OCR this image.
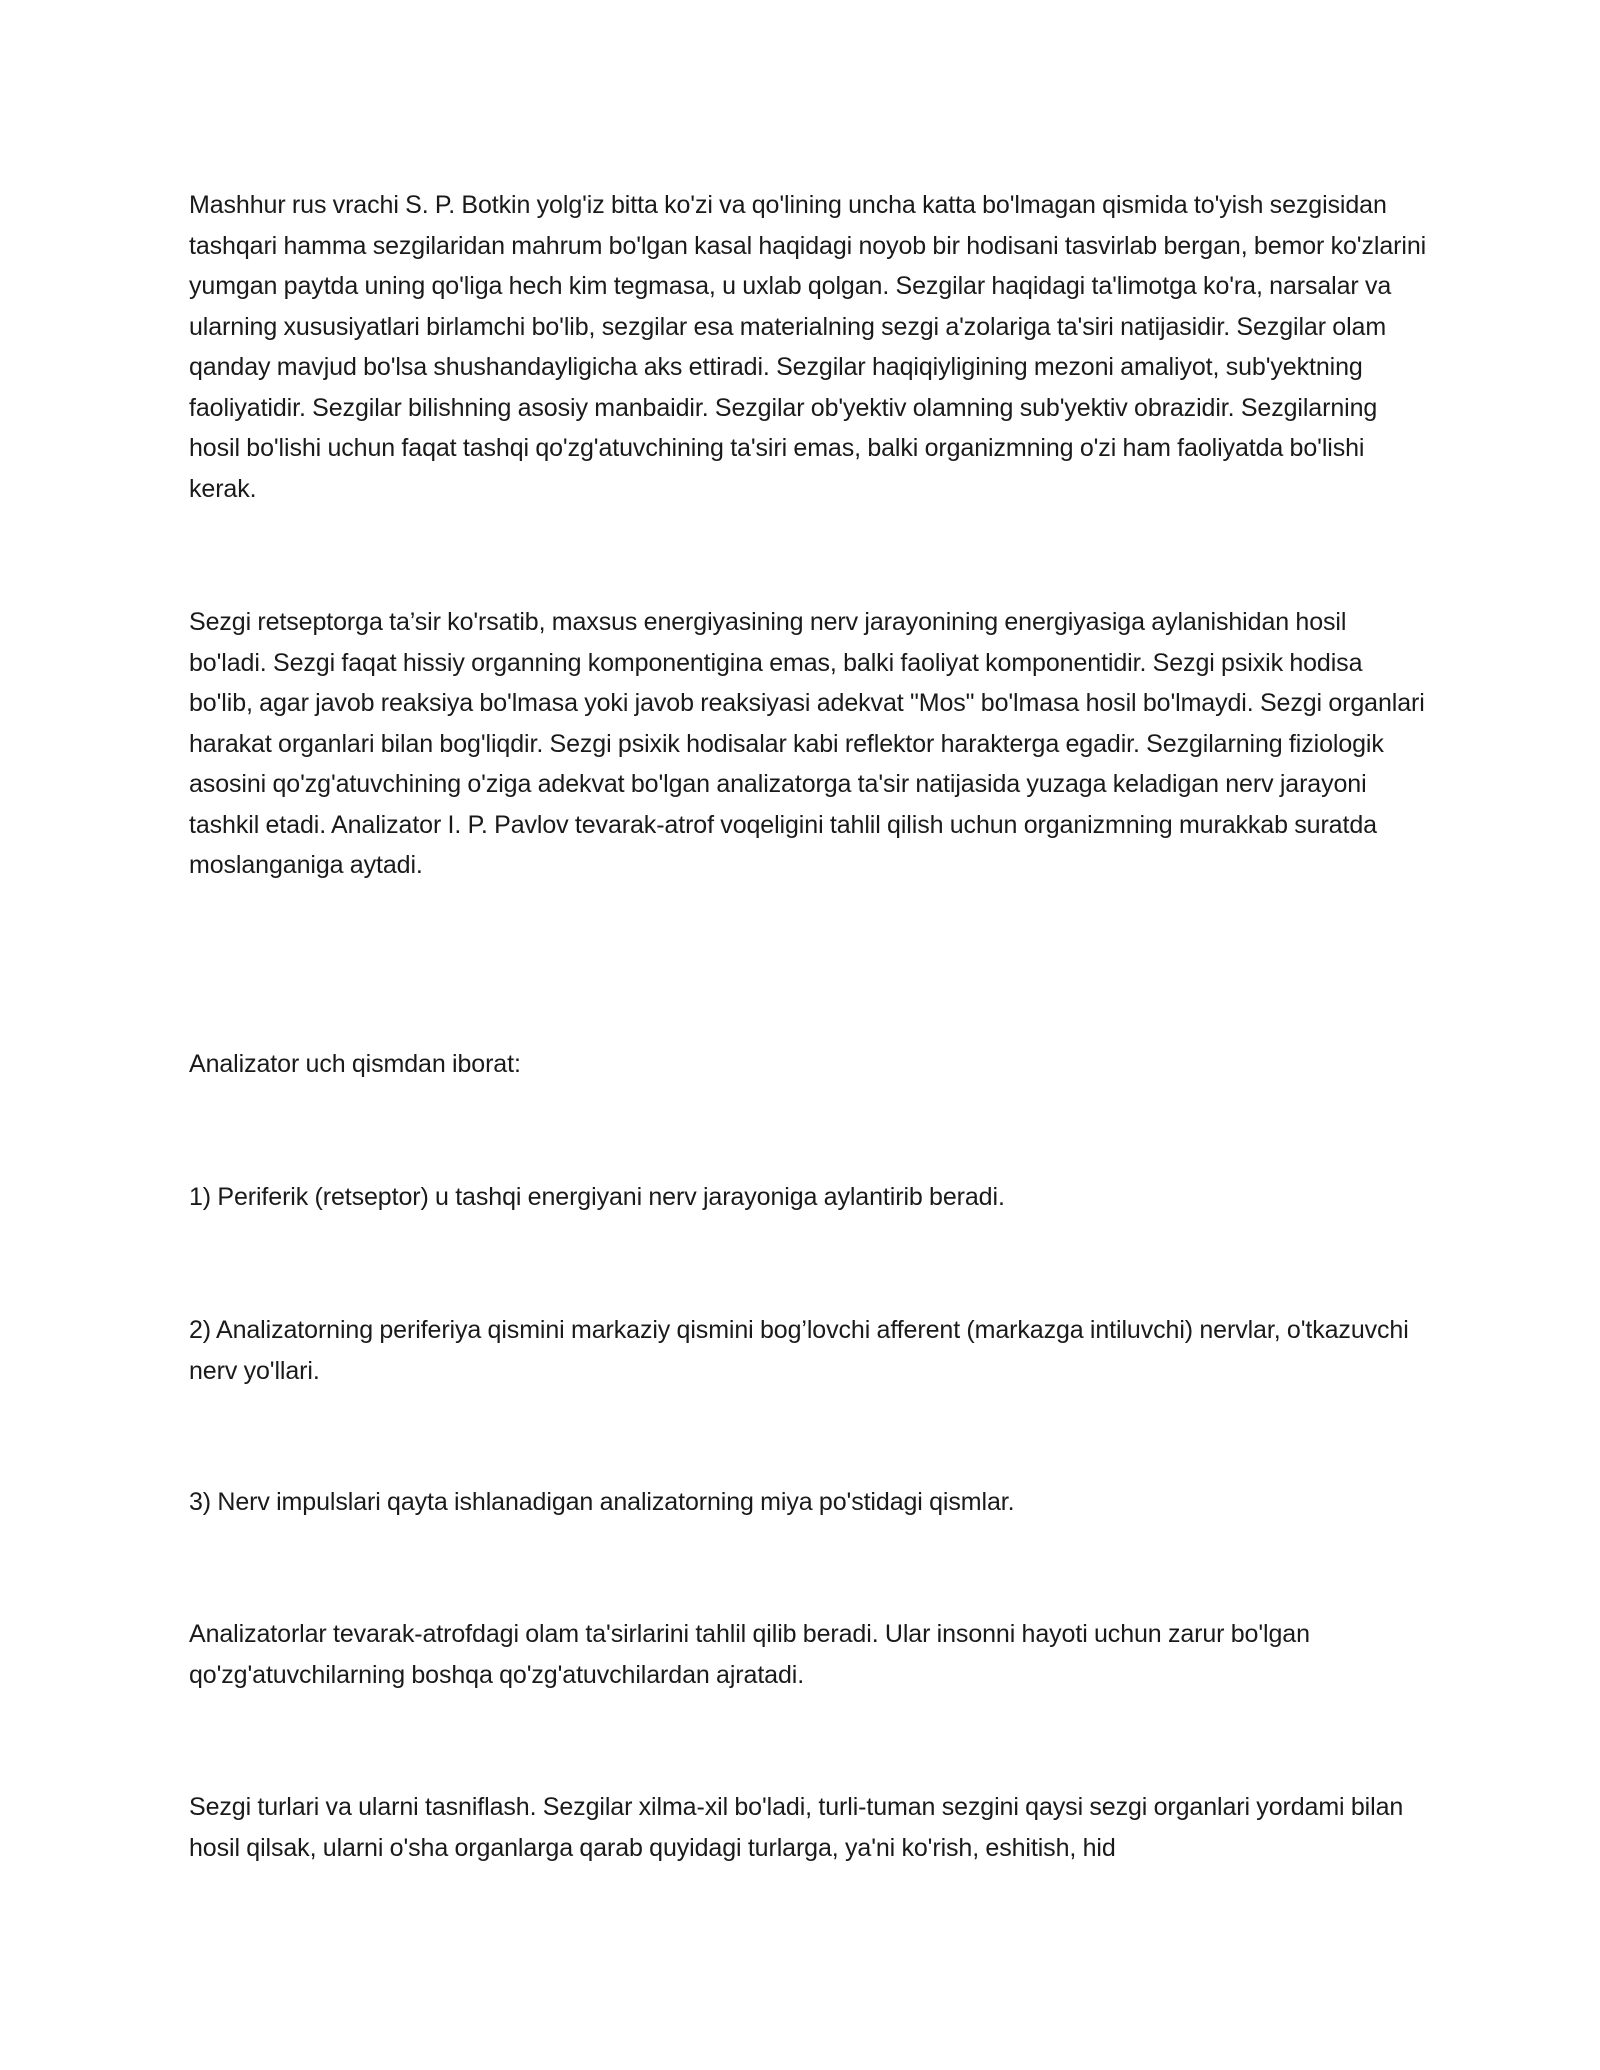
Mashhur rus vrachi S. P. Botkin yolg'iz bitta ko'zi va qo'lining uncha katta bo'lmagan qismida to'yish sezgisidan tashqari hamma sezgilaridan mahrum bo'lgan kasal haqidagi noyob bir hodisani tasvirlab bergan, bemor ko'zlarini yumgan paytda uning qo'liga hech kim tegmasa, u uxlab qolgan. Sezgilar haqidagi ta'limotga ko'ra, narsalar va ularning xususiyatlari birlamchi bo'lib, sezgilar esa materialning sezgi a'zolariga ta'siri natijasidir. Sezgilar olam qanday mavjud bo'lsa shushandayligicha aks ettiradi. Sezgilar haqiqiyligining mezoni amaliyot, sub'yektning faoliyatidir. Sezgilar bilishning asosiy manbaidir. Sezgilar ob'yektiv olamning sub'yektiv obrazidir. Sezgilarning hosil bo'lishi uchun faqat tashqi qo'zg'atuvchining ta'siri emas, balki organizmning o'zi ham faoliyatda bo'lishi kerak.

Sezgi retseptorga ta’sir ko'rsatib, maxsus energiyasining nerv jarayonining energiyasiga aylanishidan hosil bo'ladi. Sezgi faqat hissiy organning komponentigina emas, balki faoliyat komponentidir. Sezgi psixik hodisa bo'lib, agar javob reaksiya bo'lmasa yoki javob reaksiyasi adekvat "Mos" bo'lmasa hosil bo'lmaydi. Sezgi organlari harakat organlari bilan bog'liqdir. Sezgi psixik hodisalar kabi reflektor harakterga egadir. Sezgilarning fiziologik asosini qo'zg'atuvchining o'ziga adekvat bo'lgan analizatorga ta'sir natijasida yuzaga keladigan nerv jarayoni tashkil etadi. Analizator I. P. Pavlov tevarak-atrof voqeligini tahlil qilish uchun organizmning murakkab suratda moslanganiga aytadi.

Analizator uch qismdan iborat:

1) Periferik (retseptor) u tashqi energiyani nerv jarayoniga aylantirib beradi.

2) Analizatorning periferiya qismini markaziy qismini bog’lovchi afferent (markazga intiluvchi) nervlar, o'tkazuvchi nerv yo'llari.

3) Nerv impulslari qayta ishlanadigan analizatorning miya po'stidagi qismlar.

Analizatorlar tevarak-atrofdagi olam ta'sirlarini tahlil qilib beradi. Ular insonni hayoti uchun zarur bo'lgan qo'zg'atuvchilarning boshqa qo'zg'atuvchilardan ajratadi.

Sezgi turlari va ularni tasniflash. Sezgilar xilma-xil bo'ladi, turli-tuman sezgini qaysi sezgi organlari yordami bilan hosil qilsak, ularni o'sha organlarga qarab quyidagi turlarga, ya'ni ko'rish, eshitish, hid
